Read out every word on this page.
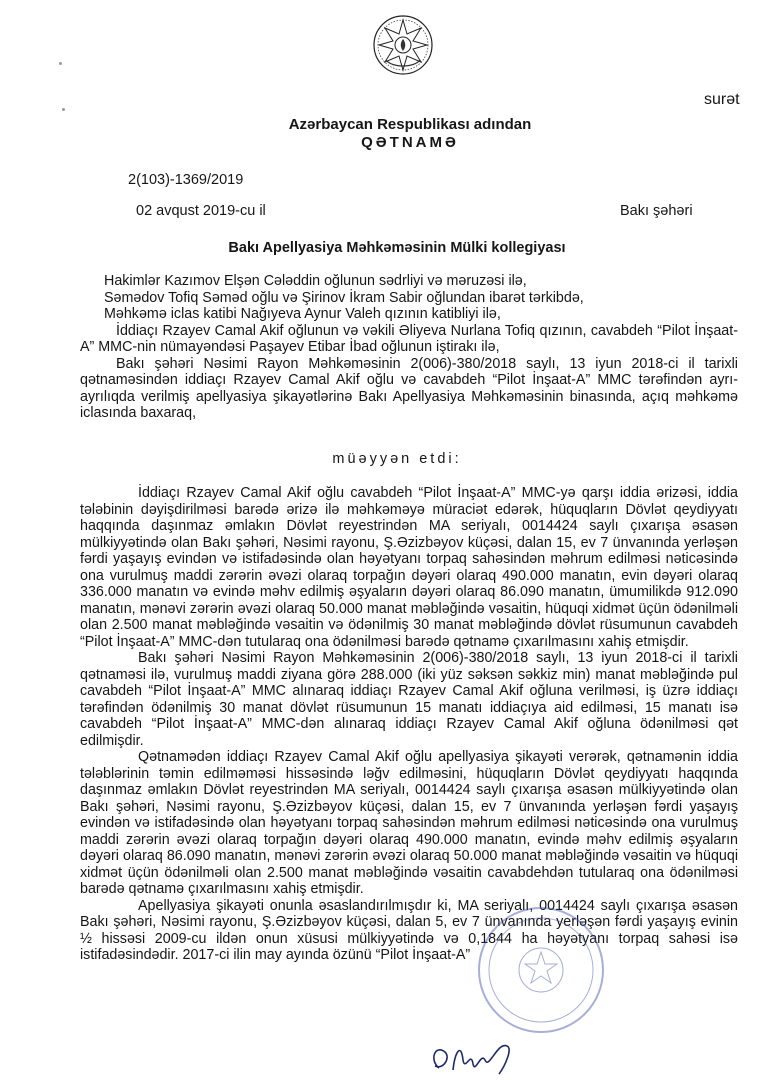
surət
Azərbaycan Respublikası adından
QƏTNAMƏ
2(103)-1369/2019
02 avqust 2019-cu il	Bakı şəhəri
Bakı Apellyasiya Məhkəməsinin Mülki kollegiyası

Hakimlər Kazımov Elşən Cələddin oğlunun sədrliyi və məruzəsi ilə,

Səmədov Tofiq Səməd oğlu və Şirinov İkram Sabir oğlundan ibarət tərkibdə,

Məhkəmə iclas katibi Nağıyeva Aynur Valeh qızının katibliyi ilə,

İddiaçı Rzayev Camal Akif oğlunun və vəkili Əliyeva Nurlana Tofiq qızının, cavabdeh “Pilot İnşaat-A” MMC-nin nümayəndəsi Paşayev Etibar İbad oğlunun iştirakı ilə,

Bakı şəhəri Nəsimi Rayon Məhkəməsinin 2(006)-380/2018 saylı, 13 iyun 2018-ci il tarixli qətnaməsindən iddiaçı Rzayev Camal Akif oğlu və cavabdeh “Pilot İnşaat-A” MMC tərəfindən ayrı-ayrılıqda verilmiş apellyasiya şikayətlərinə Bakı Apellyasiya Məhkəməsinin binasında, açıq məhkəmə iclasında baxaraq,

müəyyən etdi:

İddiaçı Rzayev Camal Akif oğlu cavabdeh “Pilot İnşaat-A” MMC-yə qarşı iddia ərizəsi, iddia tələbinin dəyişdirilməsi barədə ərizə ilə məhkəməyə müraciət edərək, hüquqların Dövlət qeydiyyatı haqqında daşınmaz əmlakın Dövlət reyestrindən MA seriyalı, 0014424 saylı çıxarışa əsasən mülkiyyətində olan Bakı şəhəri, Nəsimi rayonu, Ş.Əzizbəyov küçəsi, dalan 15, ev 7 ünvanında yerləşən fərdi yaşayış evindən və istifadəsində olan həyətyanı torpaq sahəsindən məhrum edilməsi nəticəsində ona vurulmuş maddi zərərin əvəzi olaraq torpağın dəyəri olaraq 490.000 manatın, evin dəyəri olaraq 336.000 manatın və evində məhv edilmiş əşyaların dəyəri olaraq 86.090 manatın, ümumilikdə 912.090 manatın, mənəvi zərərin əvəzi olaraq 50.000 manat məbləğində vəsaitin, hüquqi xidmət üçün ödənilməli olan 2.500 manat məbləğində vəsaitin və ödənilmiş 30 manat məbləğində dövlət rüsumunun cavabdeh “Pilot İnşaat-A” MMC-dən tutularaq ona ödənilməsi barədə qətnamə çıxarılmasını xahiş etmişdir.

Bakı şəhəri Nəsimi Rayon Məhkəməsinin 2(006)-380/2018 saylı, 13 iyun 2018-ci il tarixli qətnaməsi ilə, vurulmuş maddi ziyana görə 288.000 (iki yüz səksən səkkiz min) manat məbləğində pul cavabdeh “Pilot İnşaat-A” MMC alınaraq iddiaçı Rzayev Camal Akif oğluna verilməsi, iş üzrə iddiaçı tərəfindən ödənilmiş 30 manat dövlət rüsumunun 15 manatı iddiaçıya aid edilməsi, 15 manatı isə cavabdeh “Pilot İnşaat-A” MMC-dən alınaraq iddiaçı Rzayev Camal Akif oğluna ödənilməsi qət edilmişdir.

Qətnamədən iddiaçı Rzayev Camal Akif oğlu apellyasiya şikayəti verərək, qətnamənin iddia tələblərinin təmin edilməməsi hissəsində ləğv edilməsini, hüquqların Dövlət qeydiyyatı haqqında daşınmaz əmlakın Dövlət reyestrindən MA seriyalı, 0014424 saylı çıxarışa əsasən mülkiyyətində olan Bakı şəhəri, Nəsimi rayonu, Ş.Əzizbəyov küçəsi, dalan 15, ev 7 ünvanında yerləşən fərdi yaşayış evindən və istifadəsində olan həyətyanı torpaq sahəsindən məhrum edilməsi nəticəsində ona vurulmuş maddi zərərin əvəzi olaraq torpağın dəyəri olaraq 490.000 manatın, evində məhv edilmiş əşyaların dəyəri olaraq 86.090 manatın, mənəvi zərərin əvəzi olaraq 50.000 manat məbləğində vəsaitin və hüquqi xidmət üçün ödənilməli olan 2.500 manat məbləğində vəsaitin cavabdehdən tutularaq ona ödənilməsi barədə qətnamə çıxarılmasını xahiş etmişdir.

Apellyasiya şikayəti onunla əsaslandırılmışdır ki, MA seriyalı, 0014424 saylı çıxarışa əsasən Bakı şəhəri, Nəsimi rayonu, Ş.Əzizbəyov küçəsi, dalan 5, ev 7 ünvanında yerləşən fərdi yaşayış evinin ½ hissəsi 2009-cu ildən onun xüsusi mülkiyyətində və 0,1844 ha həyətyanı torpaq sahəsi isə istifadəsindədir. 2017-ci ilin may ayında özünü “Pilot İnşaat-A”
